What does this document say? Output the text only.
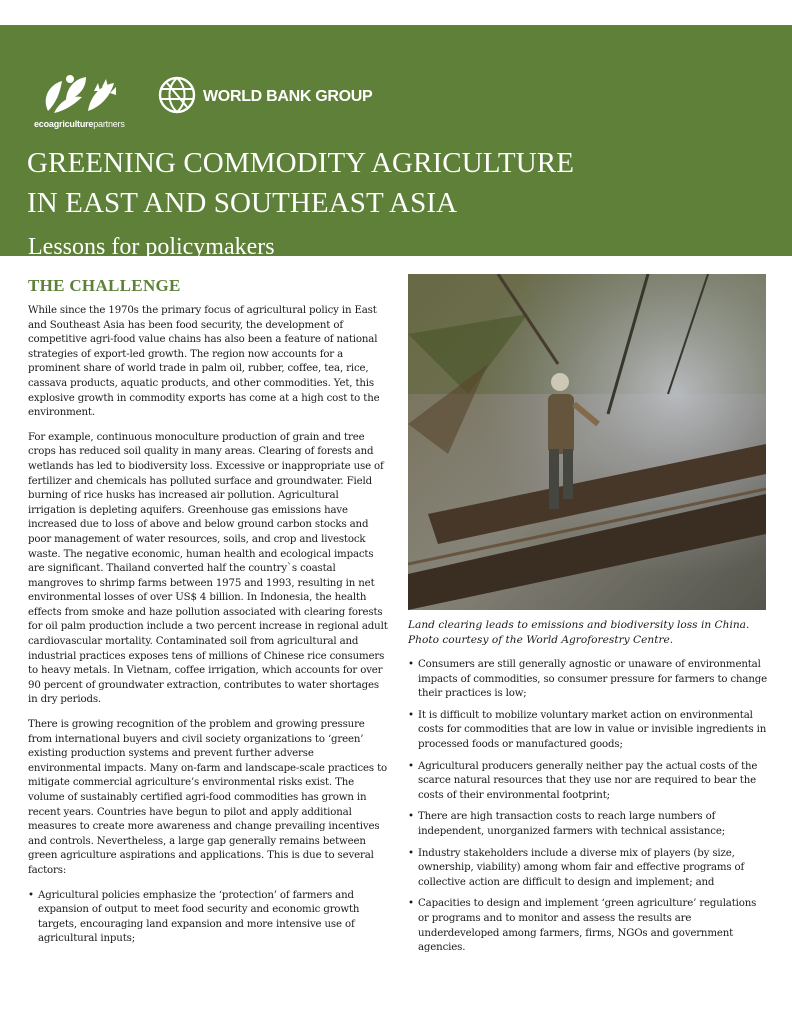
ecoagriculturepartners
WORLD BANK GROUP
GREENING COMMODITY AGRICULTURE
IN EAST AND SOUTHEAST ASIA
Lessons for policymakers
THE CHALLENGE

While since the 1970s the primary focus of agricultural policy in East and Southeast Asia has been food security, the development of competitive agri-food value chains has also been a feature of national strategies of export-led growth. The region now accounts for a prominent share of world trade in palm oil, rubber, coffee, tea, rice, cassava products, aquatic products, and other commodities. Yet, this explosive growth in commodity exports has come at a high cost to the environment.

For example, continuous monoculture production of grain and tree crops has reduced soil quality in many areas. Clearing of forests and wetlands has led to biodiversity loss. Excessive or inappropriate use of fertilizer and chemicals has polluted surface and groundwater. Field burning of rice husks has increased air pollution. Agricultural irrigation is depleting aquifers. Greenhouse gas emissions have increased due to loss of above and below ground carbon stocks and poor management of water resources, soils, and crop and livestock waste. The negative economic, human health and ecological impacts are significant. Thailand converted half the country`s coastal mangroves to shrimp farms between 1975 and 1993, resulting in net environmental losses of over US$ 4 billion. In Indonesia, the health effects from smoke and haze pollution associated with clearing forests for oil palm production include a two percent increase in regional adult cardiovascular mortality. Contaminated soil from agricultural and industrial practices exposes tens of millions of Chinese rice consumers to heavy metals. In Vietnam, coffee irrigation, which accounts for over 90 percent of groundwater extraction, contributes to water shortages in dry periods.

There is growing recognition of the problem and growing pressure from international buyers and civil society organizations to ‘green’ existing production systems and prevent further adverse environmental impacts. Many on-farm and landscape-scale practices to mitigate commercial agriculture’s environmental risks exist. The volume of sustainably certified agri-food commodities has grown in recent years. Countries have begun to pilot and apply additional measures to create more awareness and change prevailing incentives and controls. Nevertheless, a large gap generally remains between green agriculture aspirations and applications. This is due to several factors:

• Agricultural policies emphasize the ‘protection’ of farmers and expansion of output to meet food security and economic growth targets, encouraging land expansion and more intensive use of agricultural inputs;

Land clearing leads to emissions and biodiversity loss in China. Photo courtesy of the World Agroforestry Centre.

• Consumers are still generally agnostic or unaware of environmental impacts of commodities, so consumer pressure for farmers to change their practices is low;
• It is difficult to mobilize voluntary market action on environmental costs for commodities that are low in value or invisible ingredients in processed foods or manufactured goods;
• Agricultural producers generally neither pay the actual costs of the scarce natural resources that they use nor are required to bear the costs of their environmental footprint;
• There are high transaction costs to reach large numbers of independent, unorganized farmers with technical assistance;
• Industry stakeholders include a diverse mix of players (by size, ownership, viability) among whom fair and effective programs of collective action are difficult to design and implement; and
• Capacities to design and implement ‘green agriculture’ regulations or programs and to monitor and assess the results are underdeveloped among farmers, firms, NGOs and government agencies.
